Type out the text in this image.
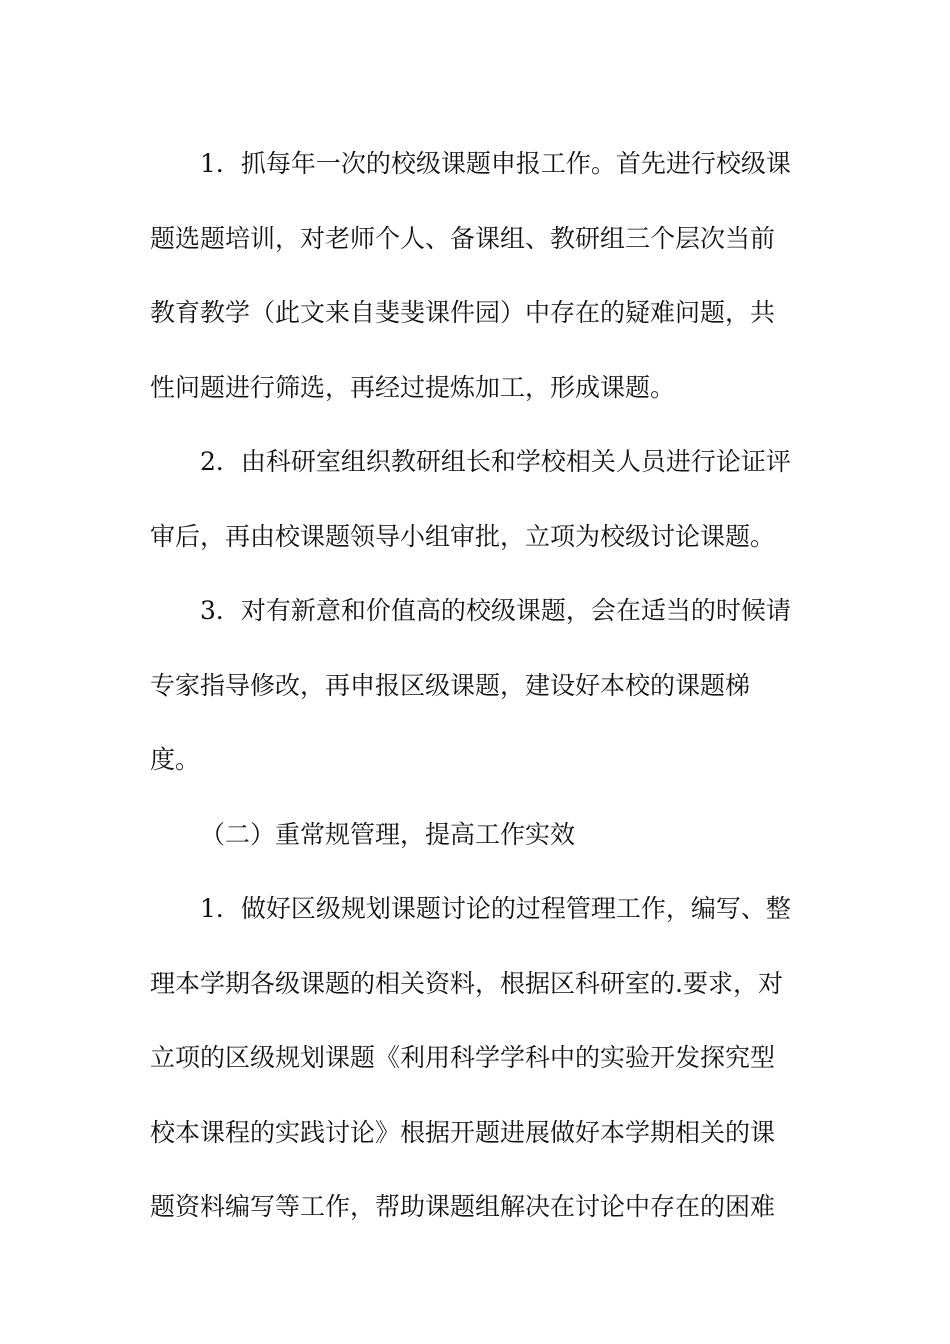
1．抓每年一次的校级课题申报工作。首先进行校级课
题选题培训，对老师个人、备课组、教研组三个层次当前
教育教学（此文来自斐斐课件园）中存在的疑难问题，共
性问题进行筛选，再经过提炼加工，形成课题。
2．由科研室组织教研组长和学校相关人员进行论证评
审后，再由校课题领导小组审批，立项为校级讨论课题。
3．对有新意和价值高的校级课题，会在适当的时候请
专家指导修改，再申报区级课题，建设好本校的课题梯
度。
（二）重常规管理，提高工作实效
1．做好区级规划课题讨论的过程管理工作，编写、整
理本学期各级课题的相关资料，根据区科研室的.要求，对
立项的区级规划课题《利用科学学科中的实验开发探究型
校本课程的实践讨论》根据开题进展做好本学期相关的课
题资料编写等工作，帮助课题组解决在讨论中存在的困难
